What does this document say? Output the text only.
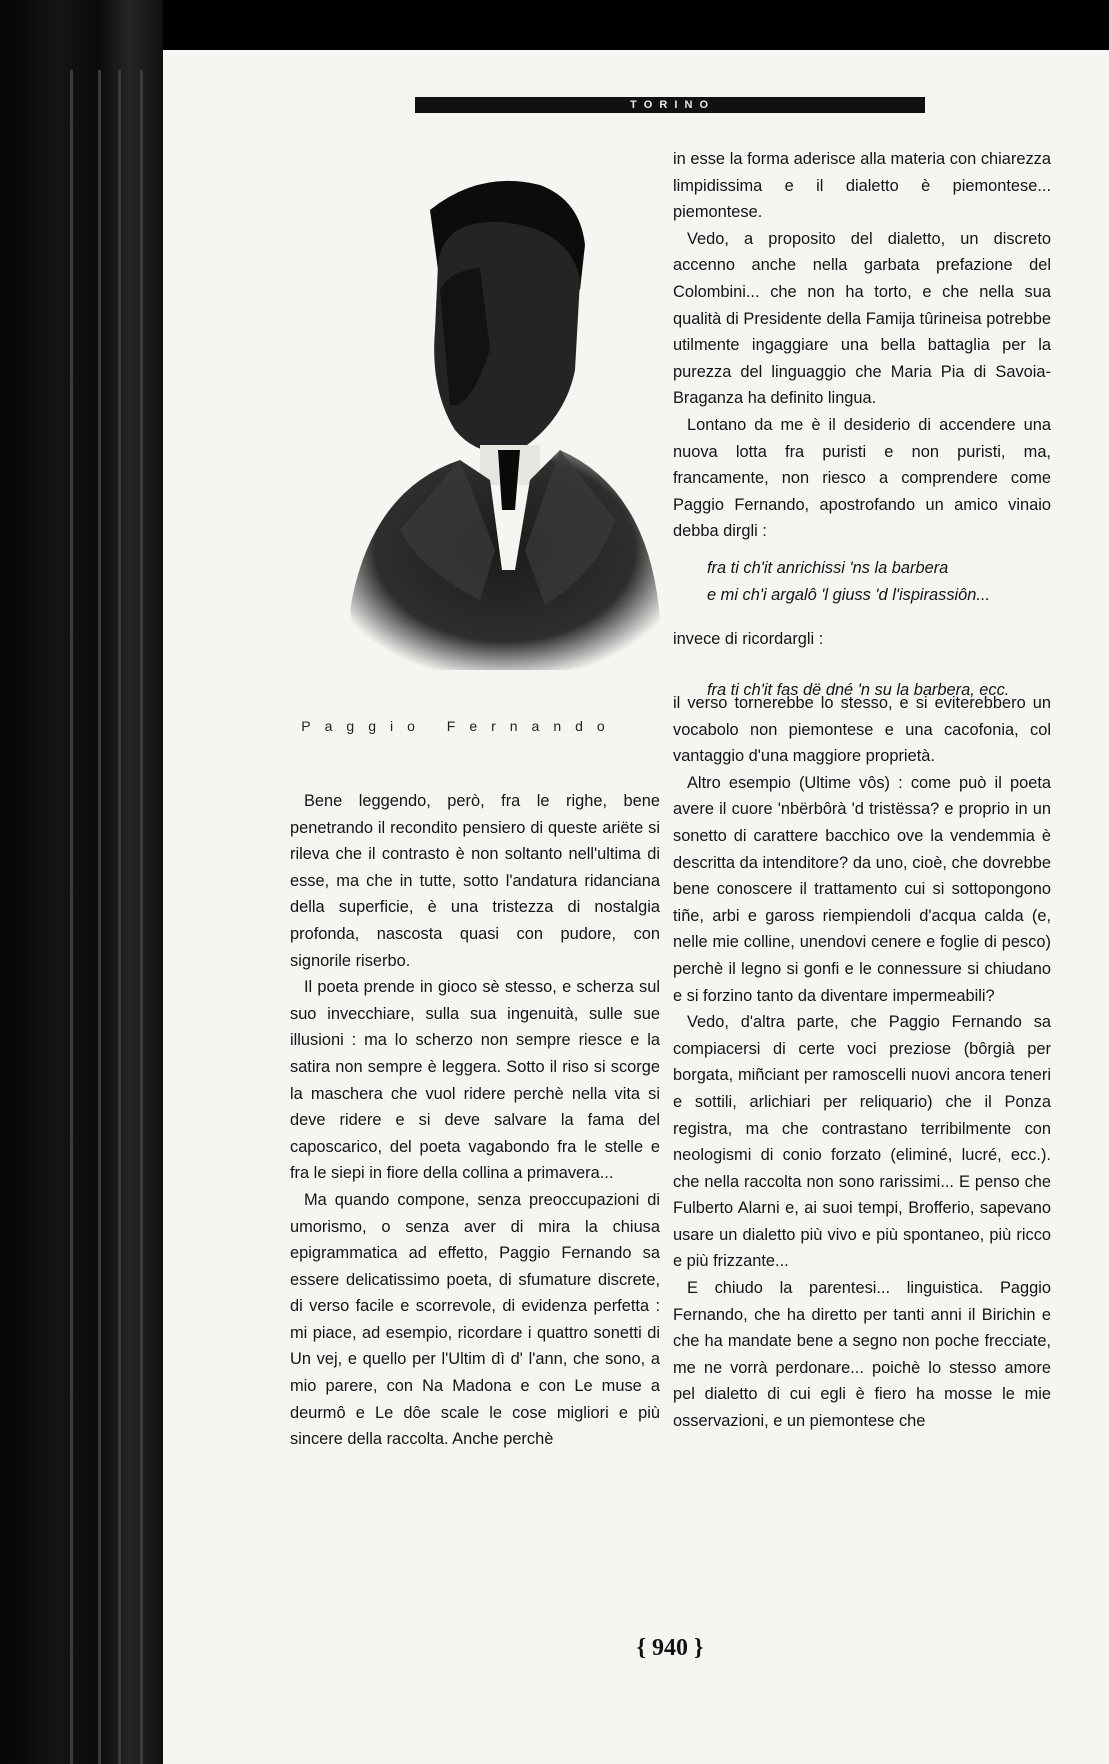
T O R I N O
Paggio Fernando

in esse la forma aderisce alla materia con chiarezza limpidissima e il dialetto è piemontese... piemontese.

Vedo, a proposito del dialetto, un discreto accenno anche nella garbata prefazione del Colombini... che non ha torto, e che nella sua qualità di Presidente della Famija tûrineisa potrebbe utilmente ingaggiare una bella battaglia per la purezza del linguaggio che Maria Pia di Savoia-Braganza ha definito lingua.

Lontano da me è il desiderio di accendere una nuova lotta fra puristi e non puristi, ma, francamente, non riesco a comprendere come Paggio Fernando, apostrofando un amico vinaio debba dirgli :

fra ti ch'it anrichissi 'ns la barbera
e mi ch'i argalô 'l giuss 'd l'ispirassiôn...

invece di ricordargli :

fra ti ch'it fas dë dné 'n su la barbera, ecc.

il verso tornerebbe lo stesso, e si eviterebbero un vocabolo non piemontese e una cacofonia, col vantaggio d'una maggiore proprietà.

Altro esempio (Ultime vôs) : come può il poeta avere il cuore 'nbërbôrà 'd tristëssa? e proprio in un sonetto di carattere bacchico ove la vendemmia è descritta da intenditore? da uno, cioè, che dovrebbe bene conoscere il trattamento cui si sottopongono tiñe, arbi e gaross riempiendoli d'acqua calda (e, nelle mie colline, unendovi cenere e foglie di pesco) perchè il legno si gonfi e le connessure si chiudano e si forzino tanto da diventare impermeabili?

Vedo, d'altra parte, che Paggio Fernando sa compiacersi di certe voci preziose (bôrgià per borgata, miñciant per ramoscelli nuovi ancora teneri e sottili, arlichiari per reliquario) che il Ponza registra, ma che contrastano terribilmente con neologismi di conio forzato (eliminé, lucré, ecc.). che nella raccolta non sono rarissimi... E penso che Fulberto Alarni e, ai suoi tempi, Brofferio, sapevano usare un dialetto più vivo e più spontaneo, più ricco e più frizzante...

E chiudo la parentesi... linguistica. Paggio Fernando, che ha diretto per tanti anni il Birichin e che ha mandate bene a segno non poche frecciate, me ne vorrà perdonare... poichè lo stesso amore pel dialetto di cui egli è fiero ha mosse le mie osservazioni, e un piemontese che

Bene leggendo, però, fra le righe, bene penetrando il recondito pensiero di queste ariëte si rileva che il contrasto è non soltanto nell'ultima di esse, ma che in tutte, sotto l'andatura ridanciana della superficie, è una tristezza di nostalgia profonda, nascosta quasi con pudore, con signorile riserbo.

Il poeta prende in gioco sè stesso, e scherza sul suo invecchiare, sulla sua ingenuità, sulle sue illusioni : ma lo scherzo non sempre riesce e la satira non sempre è leggera. Sotto il riso si scorge la maschera che vuol ridere perchè nella vita si deve ridere e si deve salvare la fama del caposcarico, del poeta vagabondo fra le stelle e fra le siepi in fiore della collina a primavera...

Ma quando compone, senza preoccupazioni di umorismo, o senza aver di mira la chiusa epigrammatica ad effetto, Paggio Fernando sa essere delicatissimo poeta, di sfumature discrete, di verso facile e scorrevole, di evidenza perfetta : mi piace, ad esempio, ricordare i quattro sonetti di Un vej, e quello per l'Ultim dì d' l'ann, che sono, a mio parere, con Na Madona e con Le muse a deurmô e Le dôe scale le cose migliori e più sincere della raccolta. Anche perchè

{ 940 }
